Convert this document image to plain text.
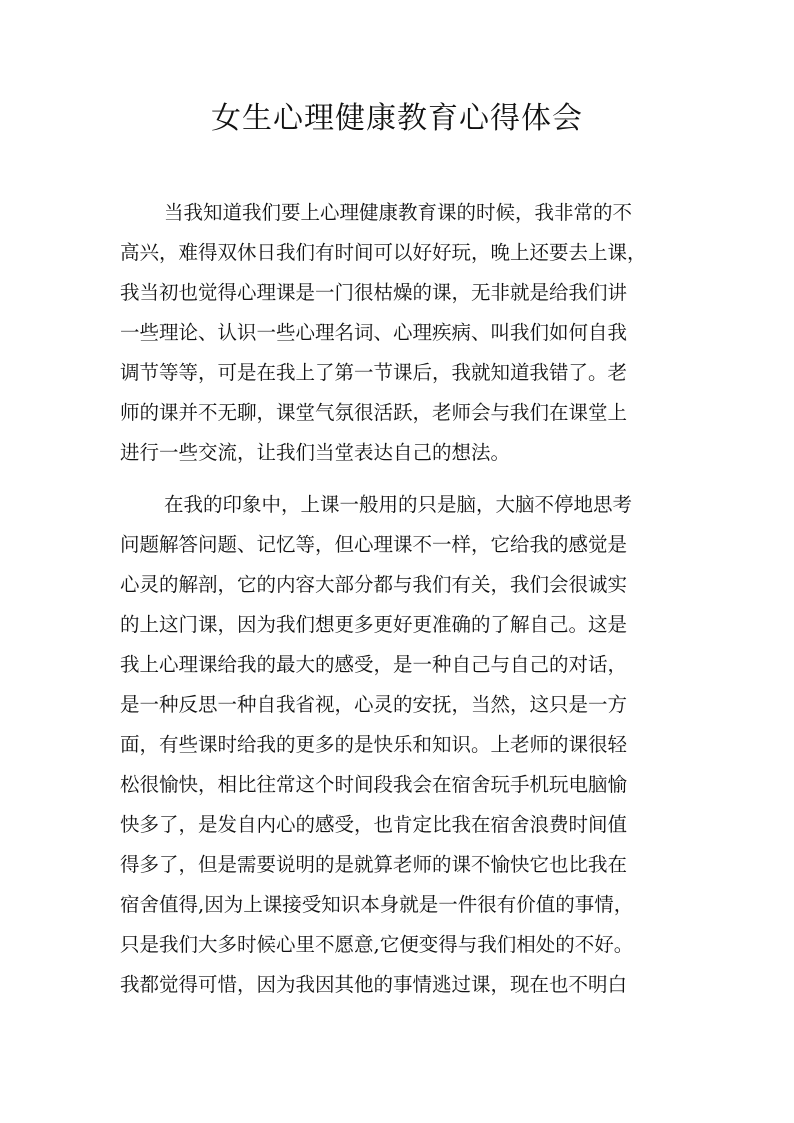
女生心理健康教育心得体会
当我知道我们要上心理健康教育课的时候，我非常的不
高兴，难得双休日我们有时间可以好好玩，晚上还要去上课，
我当初也觉得心理课是一门很枯燥的课，无非就是给我们讲
一些理论、认识一些心理名词、心理疾病、叫我们如何自我
调节等等，可是在我上了第一节课后，我就知道我错了。老
师的课并不无聊，课堂气氛很活跃，老师会与我们在课堂上
进行一些交流，让我们当堂表达自己的想法。
在我的印象中，上课一般用的只是脑，大脑不停地思考
问题解答问题、记忆等，但心理课不一样，它给我的感觉是
心灵的解剖，它的内容大部分都与我们有关，我们会很诚实
的上这门课，因为我们想更多更好更准确的了解自己。这是
我上心理课给我的最大的感受，是一种自己与自己的对话，
是一种反思一种自我省视，心灵的安抚，当然，这只是一方
面，有些课时给我的更多的是快乐和知识。上老师的课很轻
松很愉快，相比往常这个时间段我会在宿舍玩手机玩电脑愉
快多了，是发自内心的感受，也肯定比我在宿舍浪费时间值
得多了，但是需要说明的是就算老师的课不愉快它也比我在
宿舍值得,因为上课接受知识本身就是一件很有价值的事情，
只是我们大多时候心里不愿意,它便变得与我们相处的不好。
我都觉得可惜，因为我因其他的事情逃过课，现在也不明白
